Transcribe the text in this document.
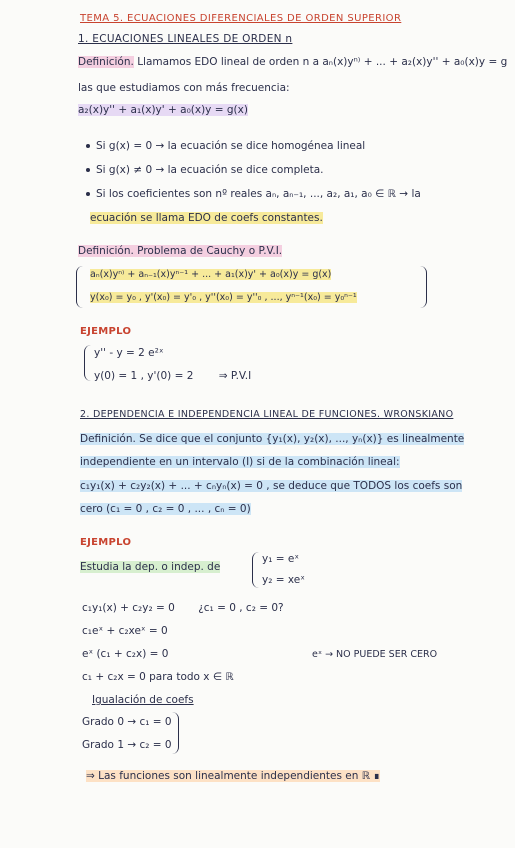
TEMA 5. ECUACIONES DIFERENCIALES DE ORDEN SUPERIOR
1. ECUACIONES LINEALES DE ORDEN n
Definición. Llamamos EDO lineal de orden n a aₙ(x)yⁿ⁾ + ... + a₂(x)y'' + a₀(x)y = g
las que estudiamos con más frecuencia:
a₂(x)y'' + a₁(x)y' + a₀(x)y = g(x)
Si g(x) = 0 → la ecuación se dice homogénea lineal
Si g(x) ≠ 0 → la ecuación se dice completa.
Si los coeficientes son nº reales aₙ, aₙ₋₁, ..., a₂, a₁, a₀ ∈ ℝ → la
ecuación se llama EDO de coefs constantes.
Definición. Problema de Cauchy o P.V.I.
aₙ(x)yⁿ⁾ + aₙ₋₁(x)yⁿ⁻¹ + ... + a₁(x)y' + a₀(x)y = g(x)
y(x₀) = y₀ , y'(x₀) = y'₀ , y''(x₀) = y''₀ , ..., yⁿ⁻¹(x₀) = y₀ⁿ⁻¹
EJEMPLO
y'' - y = 2 e²ˣ
y(0) = 1 , y'(0) = 2 ⇒ P.V.I
2. DEPENDENCIA E INDEPENDENCIA LINEAL DE FUNCIONES. WRONSKIANO
Definición. Se dice que el conjunto {y₁(x), y₂(x), ..., yₙ(x)} es linealmente
independiente en un intervalo (I) si de la combinación lineal:
c₁y₁(x) + c₂y₂(x) + ... + cₙyₙ(x) = 0 , se deduce que TODOS los coefs son
cero (c₁ = 0 , c₂ = 0 , ... , cₙ = 0)
EJEMPLO
Estudia la dep. o indep. de
y₁ = eˣ
y₂ = xeˣ
c₁y₁(x) + c₂y₂ = 0 ¿c₁ = 0 , c₂ = 0?
c₁eˣ + c₂xeˣ = 0
eˣ (c₁ + c₂x) = 0	eˣ → NO PUEDE SER CERO
c₁ + c₂x = 0 para todo x ∈ ℝ
Igualación de coefs
Grado 0 → c₁ = 0
Grado 1 → c₂ = 0
⇒ Las funciones son linealmente independientes en ℝ ∎
